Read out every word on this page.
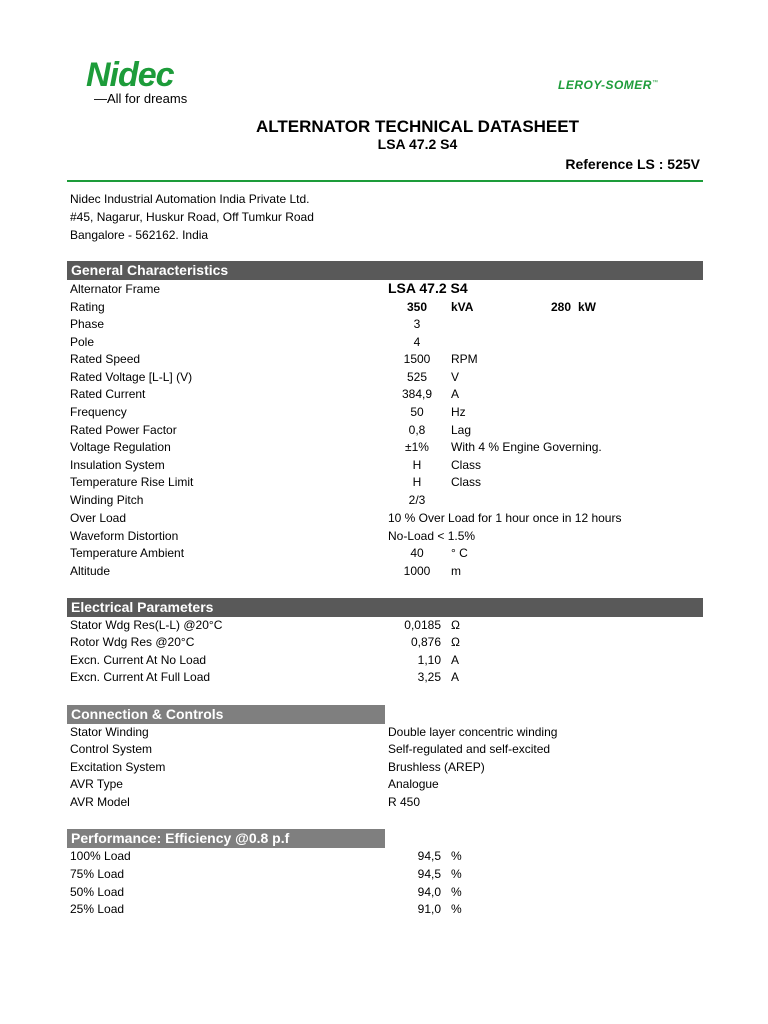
Nidec
—All for dreams
LEROY-SOMER™
ALTERNATOR TECHNICAL DATASHEET
LSA 47.2 S4
Reference LS : 525V
Nidec Industrial Automation India Private Ltd.
#45, Nagarur, Huskur Road, Off Tumkur Road
Bangalore - 562162. India
General Characteristics
Alternator Frame	LSA 47.2 S4
Rating	350	kVA	280 kW
Phase	3
Pole	4
Rated Speed	1500	RPM
Rated Voltage [L-L] (V)	525	V
Rated Current	384,9 A
Frequency	50	Hz
Rated Power Factor	0,8	Lag
Voltage Regulation	±1%	With 4 % Engine Governing.
Insulation System	H	Class
Temperature Rise Limit	H	Class
Winding Pitch	2/3
Over Load	10 % Over Load for 1 hour once in 12 hours
Waveform Distortion	No-Load < 1.5%
Temperature Ambient	40	° C
Altitude	1000	m
Electrical Parameters
Stator Wdg Res(L-L) @20°C	0,0185 Ω
Rotor Wdg Res @20°C	0,876 Ω
Excn. Current At No Load	1,10 A
Excn. Current At Full Load	3,25 A
Connection & Controls
Stator Winding	Double layer concentric winding
Control System	Self-regulated and self-excited
Excitation System	Brushless (AREP)
AVR Type	Analogue
AVR Model	R 450
Performance: Efficiency @0.8 p.f
100% Load	94,5 %
75% Load	94,5 %
50% Load	94,0 %
25% Load	91,0 %
